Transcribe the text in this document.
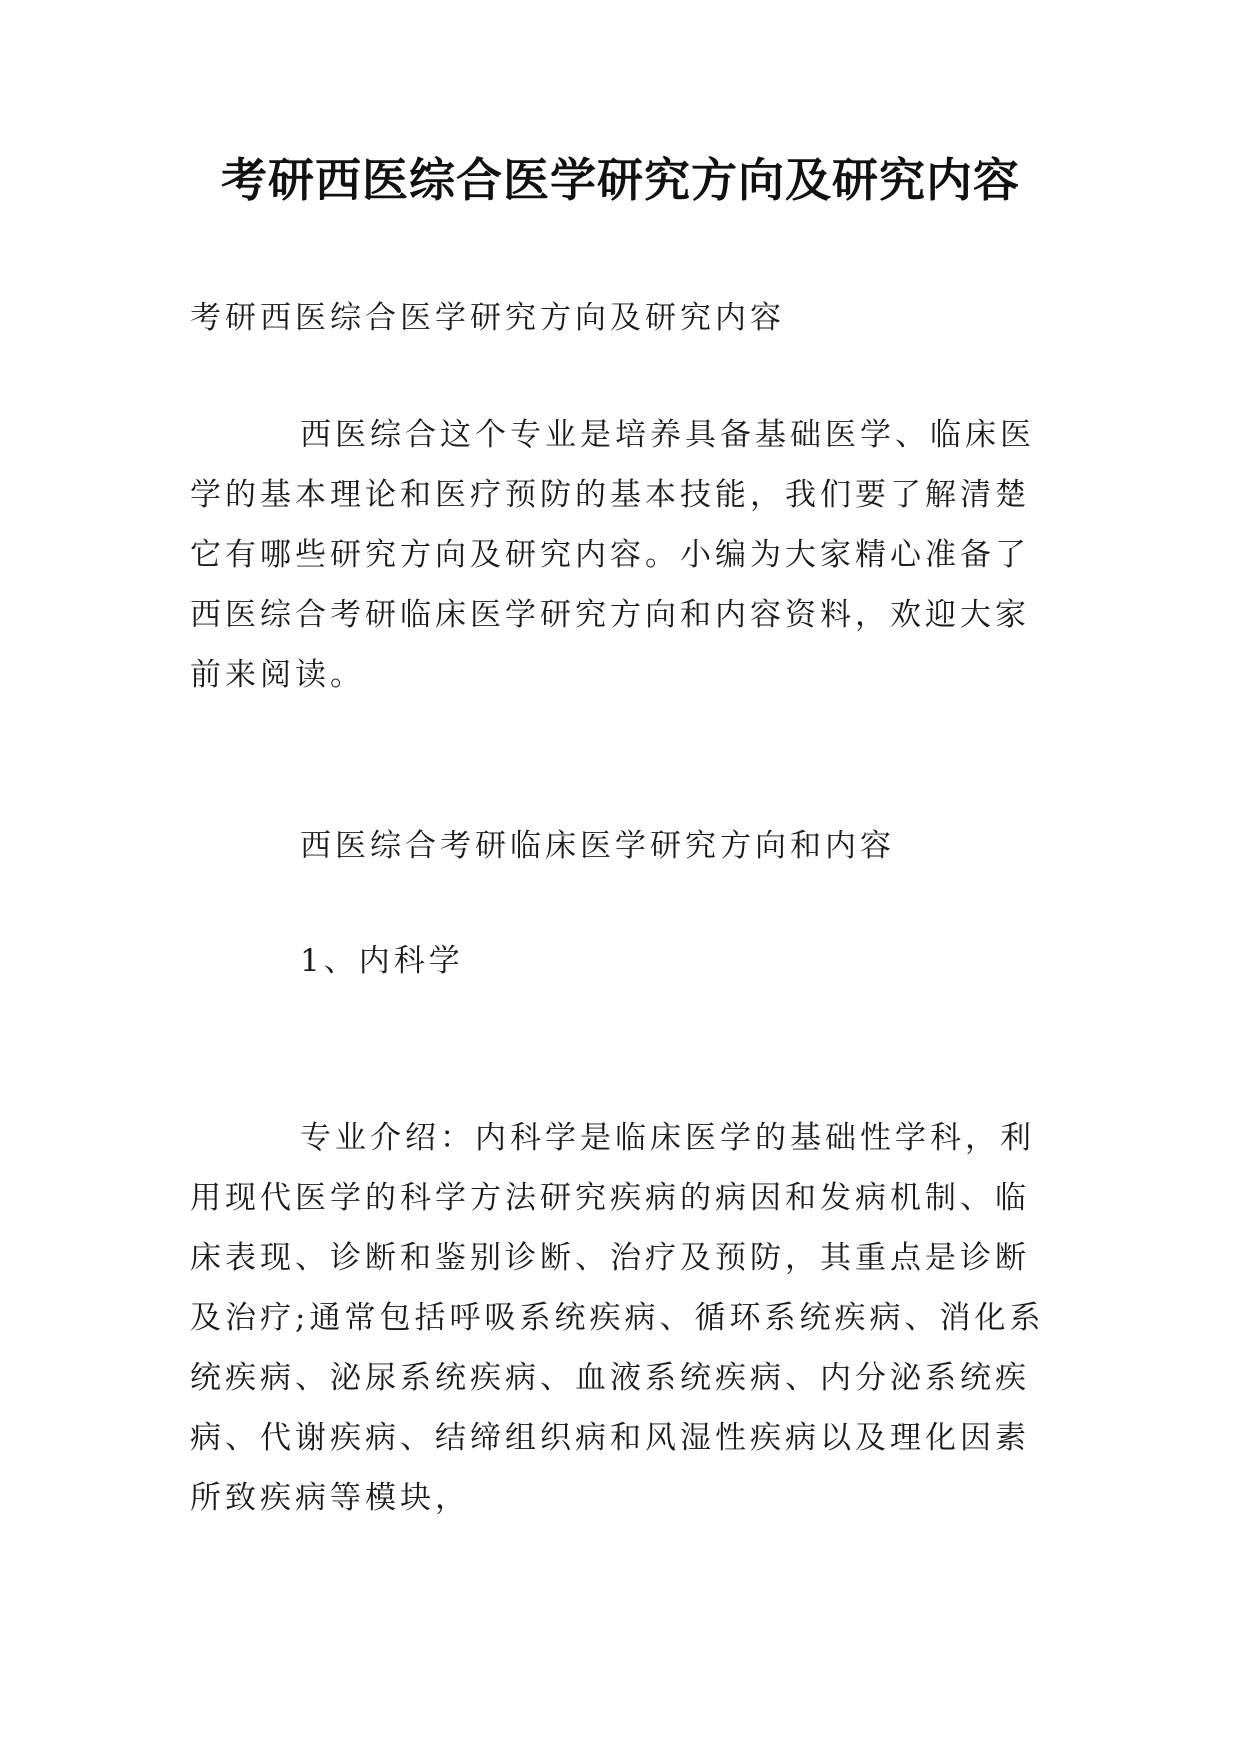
考研西医综合医学研究方向及研究内容
考研西医综合医学研究方向及研究内容
西医综合这个专业是培养具备基础医学、临床医学的基本理论和医疗预防的基本技能，我们要了解清楚它有哪些研究方向及研究内容。小编为大家精心准备了西医综合考研临床医学研究方向和内容资料，欢迎大家前来阅读。
西医综合考研临床医学研究方向和内容
1、内科学
专业介绍：内科学是临床医学的基础性学科，利用现代医学的科学方法研究疾病的病因和发病机制、临床表现、诊断和鉴别诊断、治疗及预防，其重点是诊断及治疗;通常包括呼吸系统疾病、循环系统疾病、消化系统疾病、泌尿系统疾病、血液系统疾病、内分泌系统疾病、代谢疾病、结缔组织病和风湿性疾病以及理化因素所致疾病等模块，
